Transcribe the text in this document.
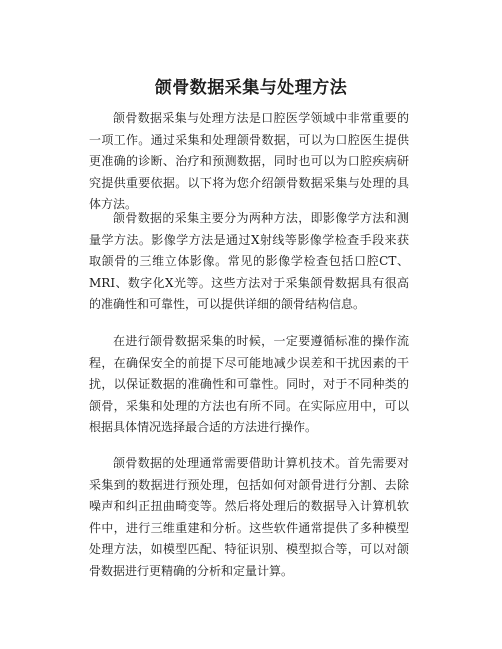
颌骨数据采集与处理方法

颌骨数据采集与处理方法是口腔医学领域中非常重要的一项工作。通过采集和处理颌骨数据，可以为口腔医生提供更准确的诊断、治疗和预测数据，同时也可以为口腔疾病研究提供重要依据。以下将为您介绍颌骨数据采集与处理的具体方法。

颌骨数据的采集主要分为两种方法，即影像学方法和测量学方法。影像学方法是通过X射线等影像学检查手段来获取颌骨的三维立体影像。常见的影像学检查包括口腔CT、MRI、数字化X光等。这些方法对于采集颌骨数据具有很高的准确性和可靠性，可以提供详细的颌骨结构信息。

在进行颌骨数据采集的时候，一定要遵循标准的操作流程，在确保安全的前提下尽可能地减少误差和干扰因素的干扰，以保证数据的准确性和可靠性。同时，对于不同种类的颌骨，采集和处理的方法也有所不同。在实际应用中，可以根据具体情况选择最合适的方法进行操作。

颌骨数据的处理通常需要借助计算机技术。首先需要对采集到的数据进行预处理，包括如何对颌骨进行分割、去除噪声和纠正扭曲畸变等。然后将处理后的数据导入计算机软件中，进行三维重建和分析。这些软件通常提供了多种模型处理方法，如模型匹配、特征识别、模型拟合等，可以对颌骨数据进行更精确的分析和定量计算。
